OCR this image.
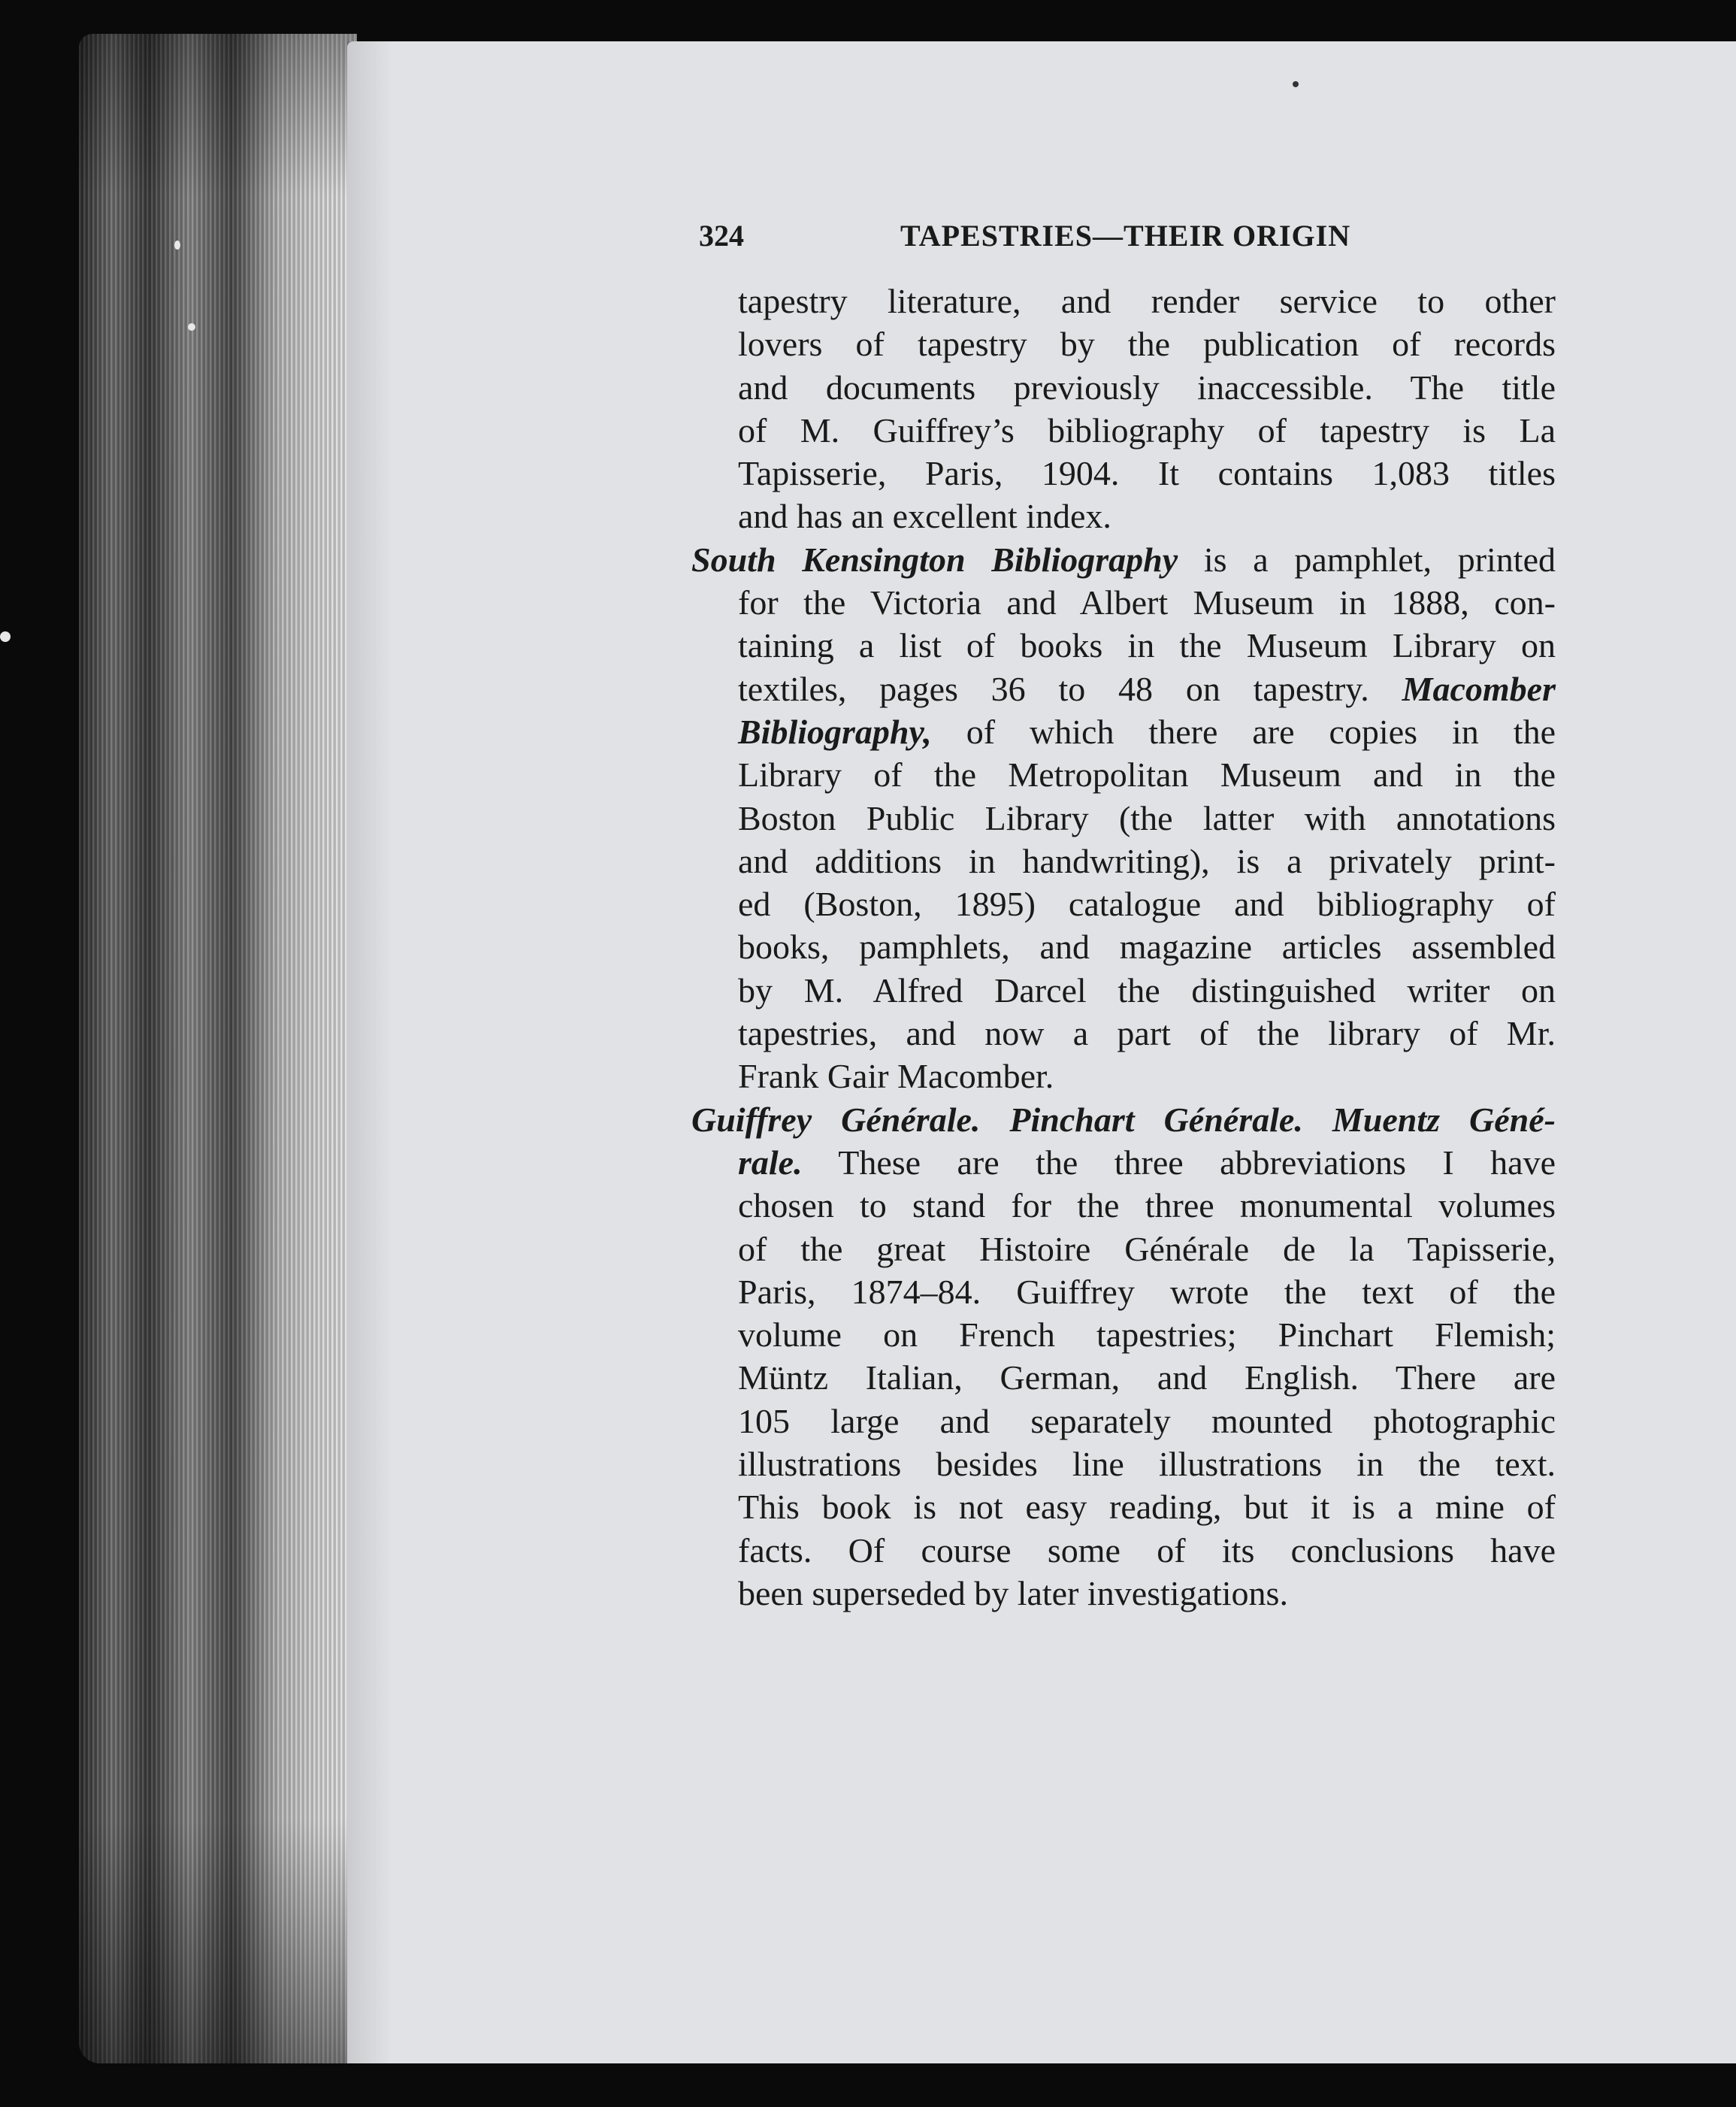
324	TAPESTRIES—THEIR ORIGIN
tapestry literature, and render service to other
lovers of tapestry by the publication of records
and documents previously inaccessible. The title
of M. Guiffrey’s bibliography of tapestry is La
Tapisserie, Paris, 1904. It contains 1,083 titles
and has an excellent index.
South Kensington Bibliography is a pamphlet, printed
for the Victoria and Albert Museum in 1888, con-
taining a list of books in the Museum Library on
textiles, pages 36 to 48 on tapestry. Macomber
Bibliography, of which there are copies in the
Library of the Metropolitan Museum and in the
Boston Public Library (the latter with annotations
and additions in handwriting), is a privately print-
ed (Boston, 1895) catalogue and bibliography of
books, pamphlets, and magazine articles assembled
by M. Alfred Darcel the distinguished writer on
tapestries, and now a part of the library of Mr.
Frank Gair Macomber.
Guiffrey Générale. Pinchart Générale. Muentz Géné-
rale. These are the three abbreviations I have
chosen to stand for the three monumental volumes
of the great Histoire Générale de la Tapisserie,
Paris, 1874–84. Guiffrey wrote the text of the
volume on French tapestries; Pinchart Flemish;
Müntz Italian, German, and English. There are
105 large and separately mounted photographic
illustrations besides line illustrations in the text.
This book is not easy reading, but it is a mine of
facts. Of course some of its conclusions have
been superseded by later investigations.
